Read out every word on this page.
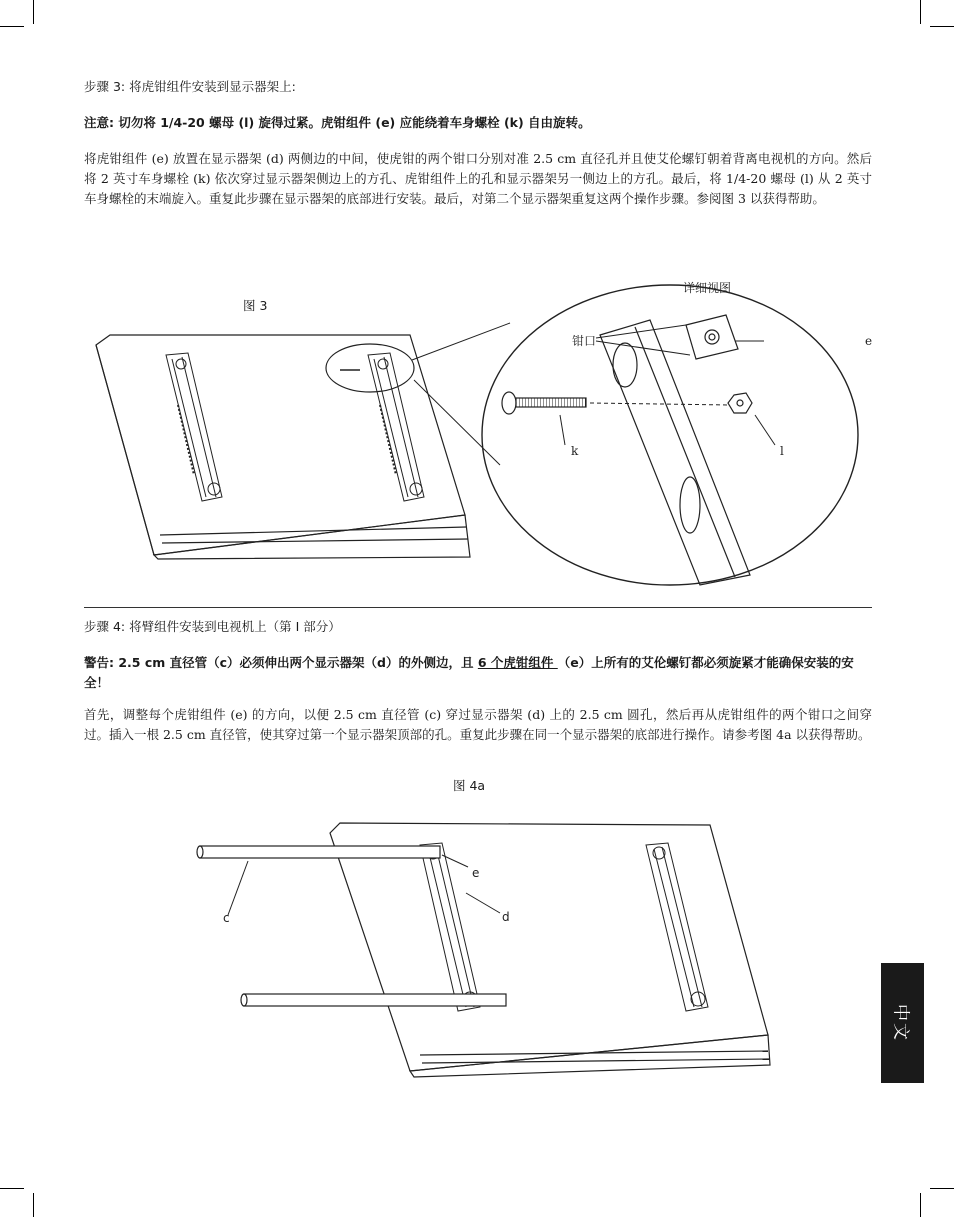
步骤 3: 将虎钳组件安装到显示器架上:
注意: 切勿将 1/4-20 螺母 (l) 旋得过紧。虎钳组件 (e) 应能绕着车身螺栓 (k) 自由旋转。
将虎钳组件 (e) 放置在显示器架 (d) 两侧边的中间，使虎钳的两个钳口分别对准 2.5 cm 直径孔并且使艾伦螺钉朝着背离电视机的方向。然后将 2 英寸车身螺栓 (k) 依次穿过显示器架侧边上的方孔、虎钳组件上的孔和显示器架另一侧边上的方孔。最后，将 1/4-20 螺母 (l) 从 2 英寸车身螺栓的末端旋入。重复此步骤在显示器架的底部进行安装。最后，对第二个显示器架重复这两个操作步骤。参阅图 3 以获得帮助。
图 3
详细视图
钳口	e
k	l
步骤 4: 将臂组件安装到电视机上（第 I 部分）
警告: 2.5 cm 直径管（c）必须伸出两个显示器架（d）的外侧边，且 6 个虎钳组件 （e）上所有的艾伦螺钉都必须旋紧才能确保安装的安全！
首先，调整每个虎钳组件 (e) 的方向，以便 2.5 cm 直径管 (c) 穿过显示器架 (d) 上的 2.5 cm 圆孔，然后再从虎钳组件的两个钳口之间穿过。插入一根 2.5 cm 直径管，使其穿过第一个显示器架顶部的孔。重复此步骤在同一个显示器架的底部进行操作。请参考图 4a 以获得帮助。
图 4a
c
e
d
中文
